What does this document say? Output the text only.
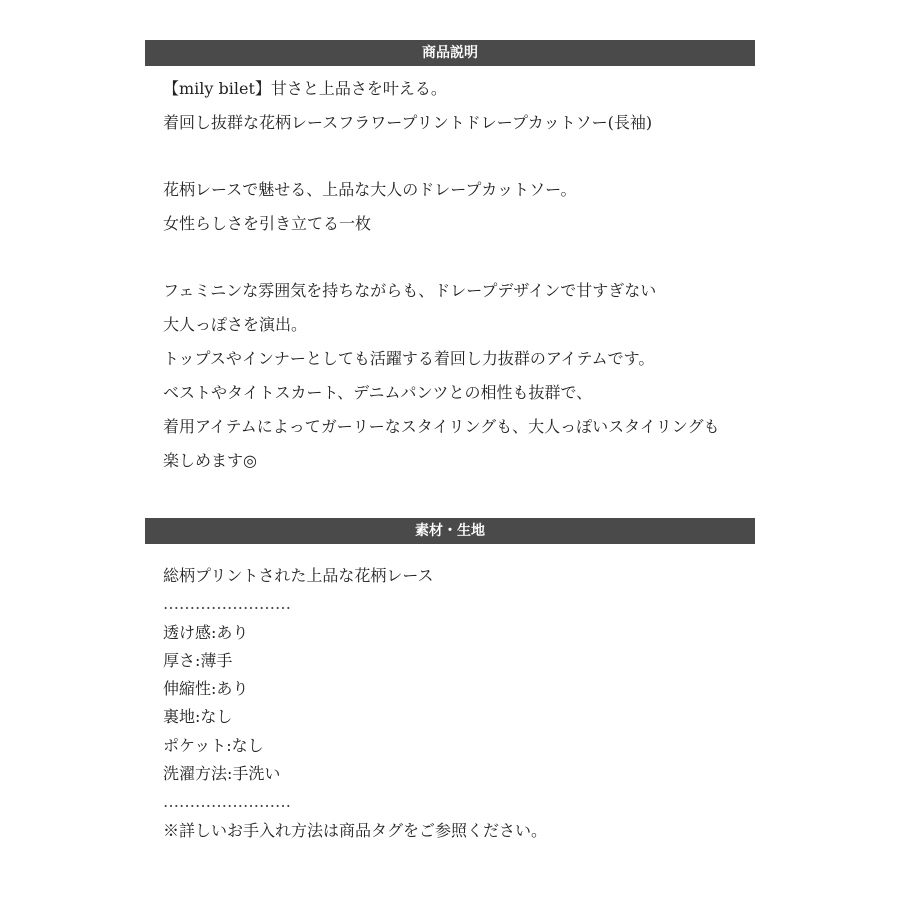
商品説明

【mily bilet】甘さと上品さを叶える。

着回し抜群な花柄レースフラワープリントドレープカットソー(長袖)

花柄レースで魅せる、上品な大人のドレープカットソー。

女性らしさを引き立てる一枚

フェミニンな雰囲気を持ちながらも、ドレープデザインで甘すぎない

大人っぽさを演出。

トップスやインナーとしても活躍する着回し力抜群のアイテムです。

ベストやタイトスカート、デニムパンツとの相性も抜群で、

着用アイテムによってガーリーなスタイリングも、大人っぽいスタイリングも

楽しめます◎

素材・生地

総柄プリントされた上品な花柄レース

……………………

透け感:あり

厚さ:薄手

伸縮性:あり

裏地:なし

ポケット:なし

洗濯方法:手洗い

……………………

※詳しいお手入れ方法は商品タグをご参照ください。
